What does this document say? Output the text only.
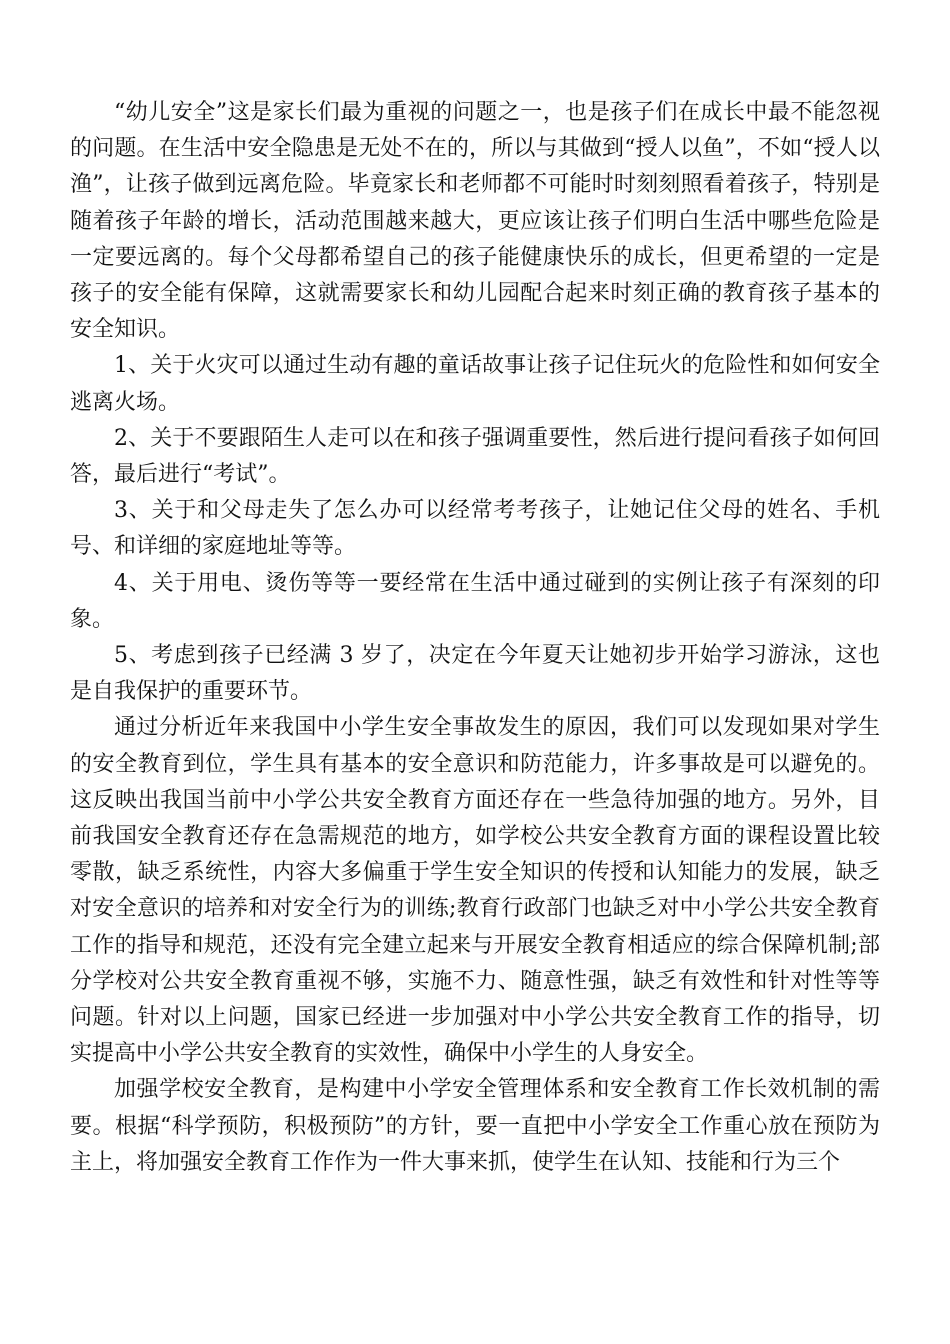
“幼儿安全”这是家长们最为重视的问题之一，也是孩子们在成长中最不能忽视的问题。在生活中安全隐患是无处不在的，所以与其做到“授人以鱼”，不如“授人以渔”，让孩子做到远离危险。毕竟家长和老师都不可能时时刻刻照看着孩子，特别是随着孩子年龄的增长，活动范围越来越大，更应该让孩子们明白生活中哪些危险是一定要远离的。每个父母都希望自己的孩子能健康快乐的成长，但更希望的一定是孩子的安全能有保障，这就需要家长和幼儿园配合起来时刻正确的教育孩子基本的安全知识。

1、关于火灾可以通过生动有趣的童话故事让孩子记住玩火的危险性和如何安全逃离火场。

2、关于不要跟陌生人走可以在和孩子强调重要性，然后进行提问看孩子如何回答，最后进行“考试”。

3、关于和父母走失了怎么办可以经常考考孩子，让她记住父母的姓名、手机号、和详细的家庭地址等等。

4、关于用电、烫伤等等一要经常在生活中通过碰到的实例让孩子有深刻的印象。

5、考虑到孩子已经满 3 岁了，决定在今年夏天让她初步开始学习游泳，这也是自我保护的重要环节。

通过分析近年来我国中小学生安全事故发生的原因，我们可以发现如果对学生的安全教育到位，学生具有基本的安全意识和防范能力，许多事故是可以避免的。这反映出我国当前中小学公共安全教育方面还存在一些急待加强的地方。另外，目前我国安全教育还存在急需规范的地方，如学校公共安全教育方面的课程设置比较零散，缺乏系统性，内容大多偏重于学生安全知识的传授和认知能力的发展，缺乏对安全意识的培养和对安全行为的训练;教育行政部门也缺乏对中小学公共安全教育工作的指导和规范，还没有完全建立起来与开展安全教育相适应的综合保障机制;部分学校对公共安全教育重视不够，实施不力、随意性强，缺乏有效性和针对性等等问题。针对以上问题，国家已经进一步加强对中小学公共安全教育工作的指导，切实提高中小学公共安全教育的实效性，确保中小学生的人身安全。

加强学校安全教育，是构建中小学安全管理体系和安全教育工作长效机制的需要。根据“科学预防，积极预防”的方针，要一直把中小学安全工作重心放在预防为主上，将加强安全教育工作作为一件大事来抓，使学生在认知、技能和行为三个
